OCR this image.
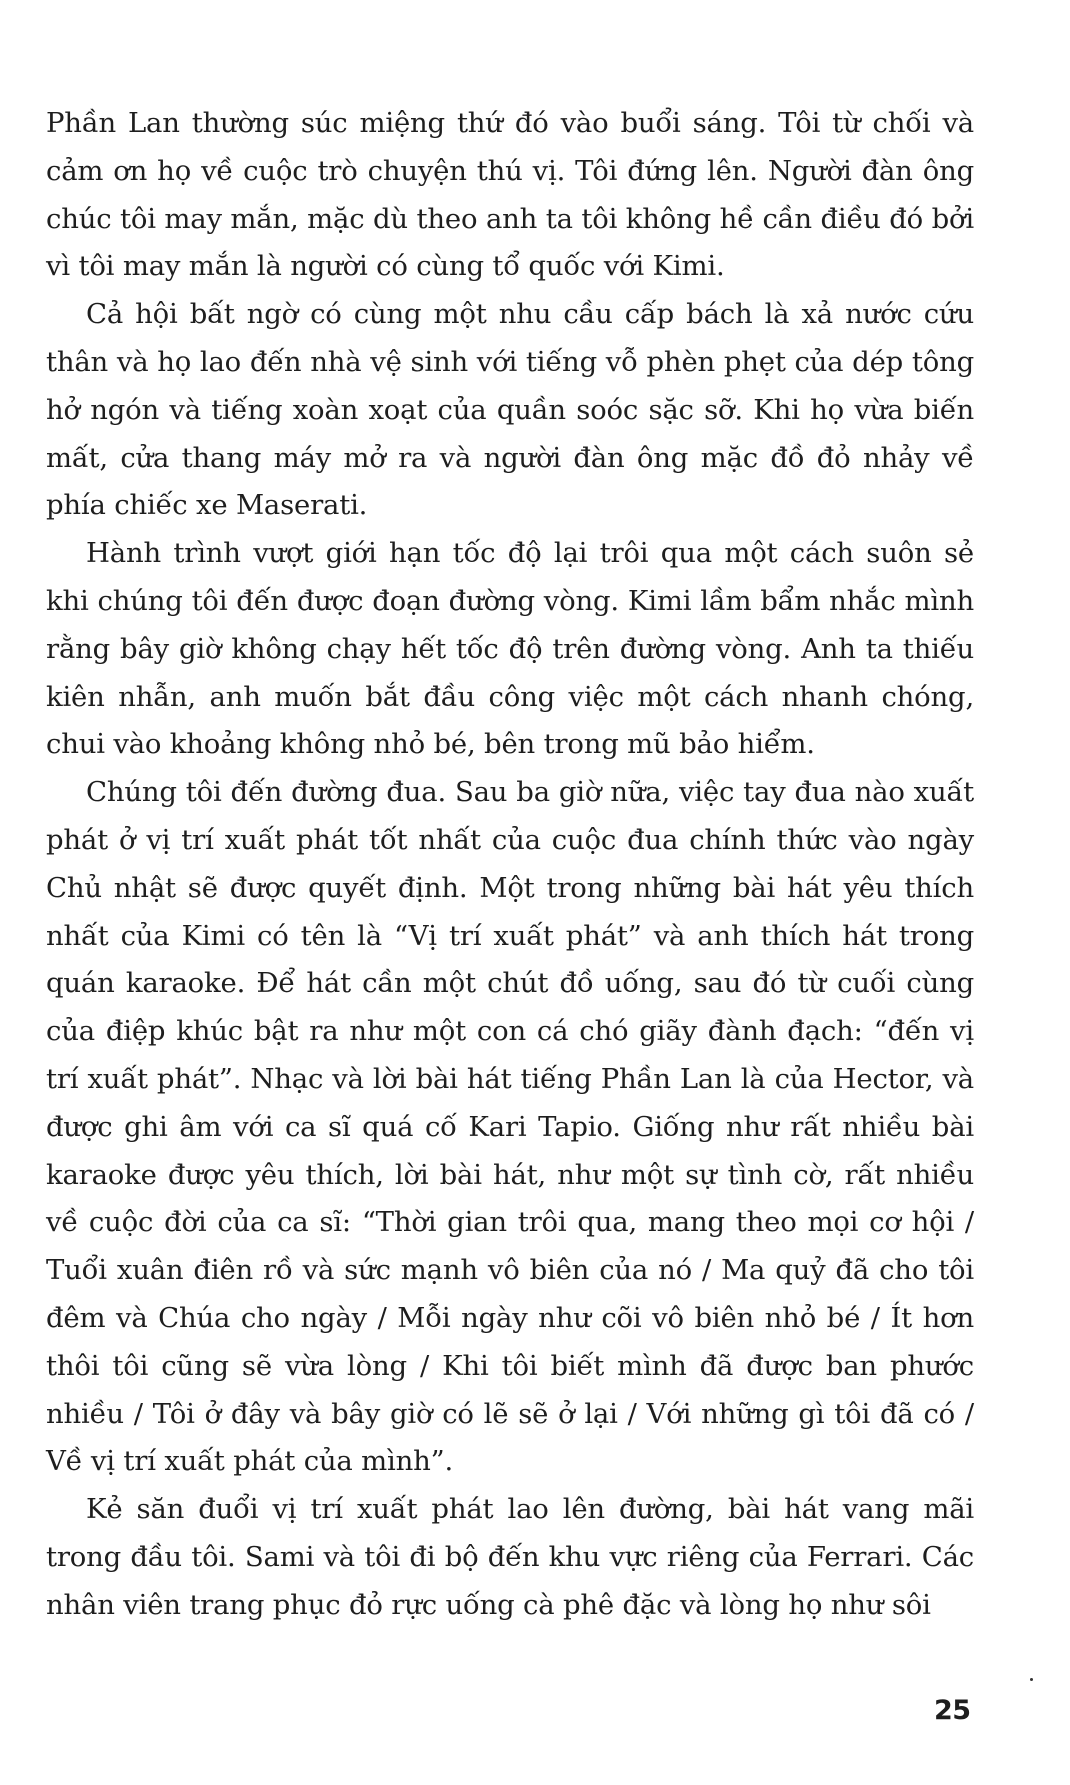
Phần Lan thường súc miệng thứ đó vào buổi sáng. Tôi từ chối và cảm ơn họ về cuộc trò chuyện thú vị. Tôi đứng lên. Người đàn ông chúc tôi may mắn, mặc dù theo anh ta tôi không hề cần điều đó bởi vì tôi may mắn là người có cùng tổ quốc với Kimi.

Cả hội bất ngờ có cùng một nhu cầu cấp bách là xả nước cứu thân và họ lao đến nhà vệ sinh với tiếng vỗ phèn phẹt của dép tông hở ngón và tiếng xoàn xoạt của quần soóc sặc sỡ. Khi họ vừa biến mất, cửa thang máy mở ra và người đàn ông mặc đồ đỏ nhảy về phía chiếc xe Maserati.

Hành trình vượt giới hạn tốc độ lại trôi qua một cách suôn sẻ khi chúng tôi đến được đoạn đường vòng. Kimi lầm bẩm nhắc mình rằng bây giờ không chạy hết tốc độ trên đường vòng. Anh ta thiếu kiên nhẫn, anh muốn bắt đầu công việc một cách nhanh chóng, chui vào khoảng không nhỏ bé, bên trong mũ bảo hiểm.

Chúng tôi đến đường đua. Sau ba giờ nữa, việc tay đua nào xuất phát ở vị trí xuất phát tốt nhất của cuộc đua chính thức vào ngày Chủ nhật sẽ được quyết định. Một trong những bài hát yêu thích nhất của Kimi có tên là “Vị trí xuất phát” và anh thích hát trong quán karaoke. Để hát cần một chút đồ uống, sau đó từ cuối cùng của điệp khúc bật ra như một con cá chó giãy đành đạch: “đến vị trí xuất phát”. Nhạc và lời bài hát tiếng Phần Lan là của Hector, và được ghi âm với ca sĩ quá cố Kari Tapio. Giống như rất nhiều bài karaoke được yêu thích, lời bài hát, như một sự tình cờ, rất nhiều về cuộc đời của ca sĩ: “Thời gian trôi qua, mang theo mọi cơ hội / Tuổi xuân điên rồ và sức mạnh vô biên của nó / Ma quỷ đã cho tôi đêm và Chúa cho ngày / Mỗi ngày như cõi vô biên nhỏ bé / Ít hơn thôi tôi cũng sẽ vừa lòng / Khi tôi biết mình đã được ban phước nhiều / Tôi ở đây và bây giờ có lẽ sẽ ở lại / Với những gì tôi đã có / Về vị trí xuất phát của mình”.

Kẻ săn đuổi vị trí xuất phát lao lên đường, bài hát vang mãi trong đầu tôi. Sami và tôi đi bộ đến khu vực riêng của Ferrari. Các nhân viên trang phục đỏ rực uống cà phê đặc và lòng họ như sôi

25
